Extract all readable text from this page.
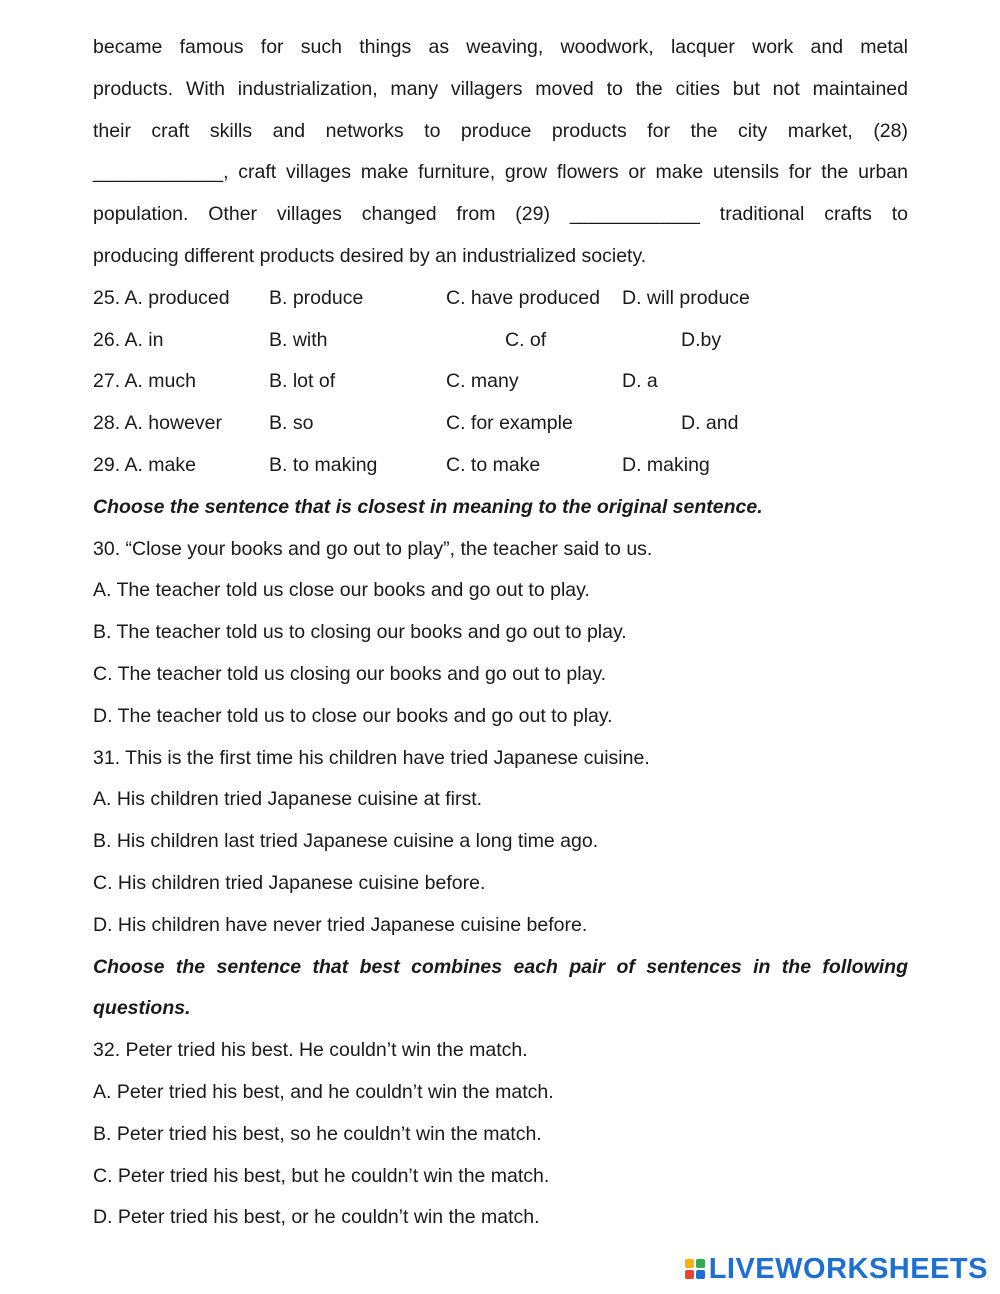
became famous for such things as weaving, woodwork, lacquer work and metal
products. With industrialization, many villagers moved to the cities but not maintained
their craft skills and networks to produce products for the city market, (28)
____________, craft villages make furniture, grow flowers or make utensils for the urban
population. Other villages changed from (29) ____________ traditional crafts to
producing different products desired by an industrialized society.
25. A. produced B. produce	C. have produced D. will produce
26. A. in	B. with	C. of	D.by
27. A. much	B. lot of	C. many	D. a
28. A. however B. so	C. for example	D. and
29. A. make	B. to making	C. to make	D. making
Choose the sentence that is closest in meaning to the original sentence.
30. “Close your books and go out to play”, the teacher said to us.
A. The teacher told us close our books and go out to play.
B. The teacher told us to closing our books and go out to play.
C. The teacher told us closing our books and go out to play.
D. The teacher told us to close our books and go out to play.
31. This is the first time his children have tried Japanese cuisine.
A. His children tried Japanese cuisine at first.
B. His children last tried Japanese cuisine a long time ago.
C. His children tried Japanese cuisine before.
D. His children have never tried Japanese cuisine before.
Choose the sentence that best combines each pair of sentences in the following
questions.
32. Peter tried his best. He couldn’t win the match.
A. Peter tried his best, and he couldn’t win the match.
B. Peter tried his best, so he couldn’t win the match.
C. Peter tried his best, but he couldn’t win the match.
D. Peter tried his best, or he couldn’t win the match.
LIVEWORKSHEETS
